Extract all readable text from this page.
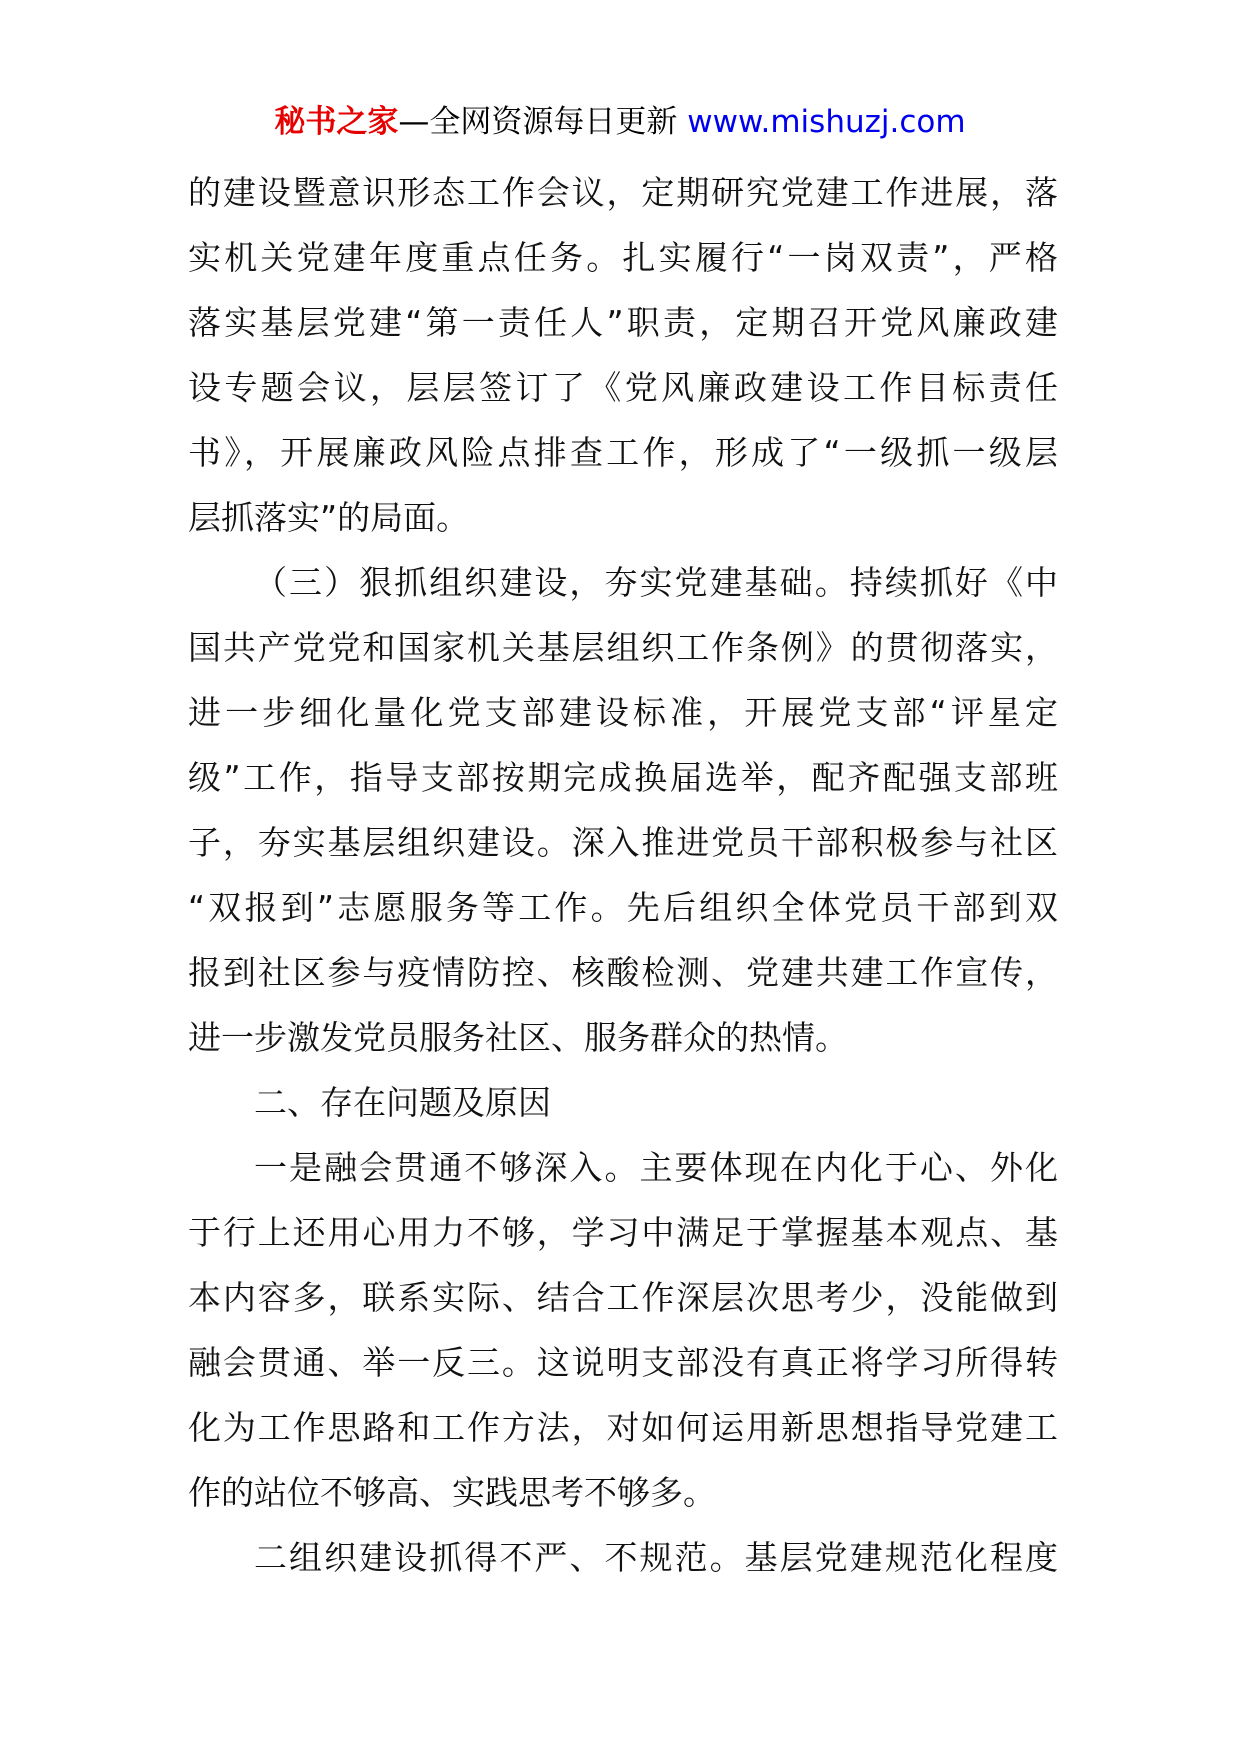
秘书之家—全网资源每日更新 www.mishuzj.com
的建设暨意识形态工作会议，定期研究党建工作进展，落
实机关党建年度重点任务。扎实履行“一岗双责”，严格
落实基层党建“第一责任人”职责，定期召开党风廉政建
设专题会议，层层签订了《党风廉政建设工作目标责任
书》，开展廉政风险点排查工作，形成了“一级抓一级层
层抓落实”的局面。
（三）狠抓组织建设，夯实党建基础。持续抓好《中
国共产党党和国家机关基层组织工作条例》的贯彻落实，
进一步细化量化党支部建设标准，开展党支部“评星定
级”工作，指导支部按期完成换届选举，配齐配强支部班
子，夯实基层组织建设。深入推进党员干部积极参与社区
“双报到”志愿服务等工作。先后组织全体党员干部到双
报到社区参与疫情防控、核酸检测、党建共建工作宣传，
进一步激发党员服务社区、服务群众的热情。
二、存在问题及原因
一是融会贯通不够深入。主要体现在内化于心、外化
于行上还用心用力不够，学习中满足于掌握基本观点、基
本内容多，联系实际、结合工作深层次思考少，没能做到
融会贯通、举一反三。这说明支部没有真正将学习所得转
化为工作思路和工作方法，对如何运用新思想指导党建工
作的站位不够高、实践思考不够多。
二组织建设抓得不严、不规范。基层党建规范化程度
